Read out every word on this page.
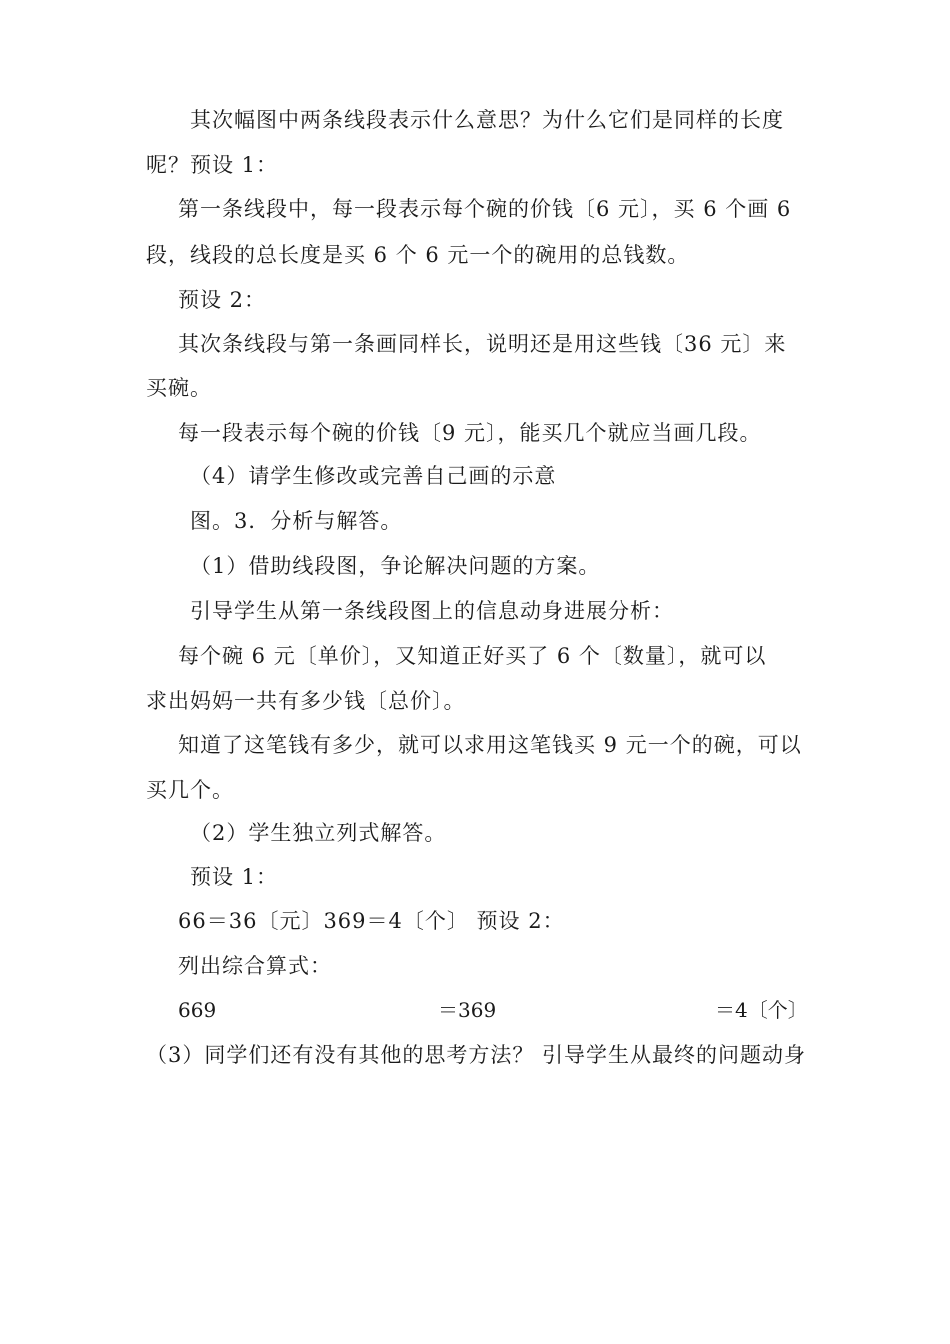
其次幅图中两条线段表示什么意思？为什么它们是同样的长度
呢？预设 1：
第一条线段中，每一段表示每个碗的价钱〔6 元〕，买 6 个画 6
段，线段的总长度是买 6 个 6 元一个的碗用的总钱数。
预设 2：
其次条线段与第一条画同样长，说明还是用这些钱〔36 元〕来
买碗。
每一段表示每个碗的价钱〔9 元〕，能买几个就应当画几段。
（4）请学生修改或完善自己画的示意
图。3．分析与解答。
（1）借助线段图，争论解决问题的方案。
引导学生从第一条线段图上的信息动身进展分析：
每个碗 6 元〔单价〕，又知道正好买了 6 个〔数量〕，就可以
求出妈妈一共有多少钱〔总价〕。
知道了这笔钱有多少，就可以求用这笔钱买 9 元一个的碗，可以
买几个。
（2）学生独立列式解答。
预设 1：
66＝36〔元〕369＝4〔个〕 预设 2：
列出综合算式：
669	＝369	＝4〔个〕
（3）同学们还有没有其他的思考方法？ 引导学生从最终的问题动身
